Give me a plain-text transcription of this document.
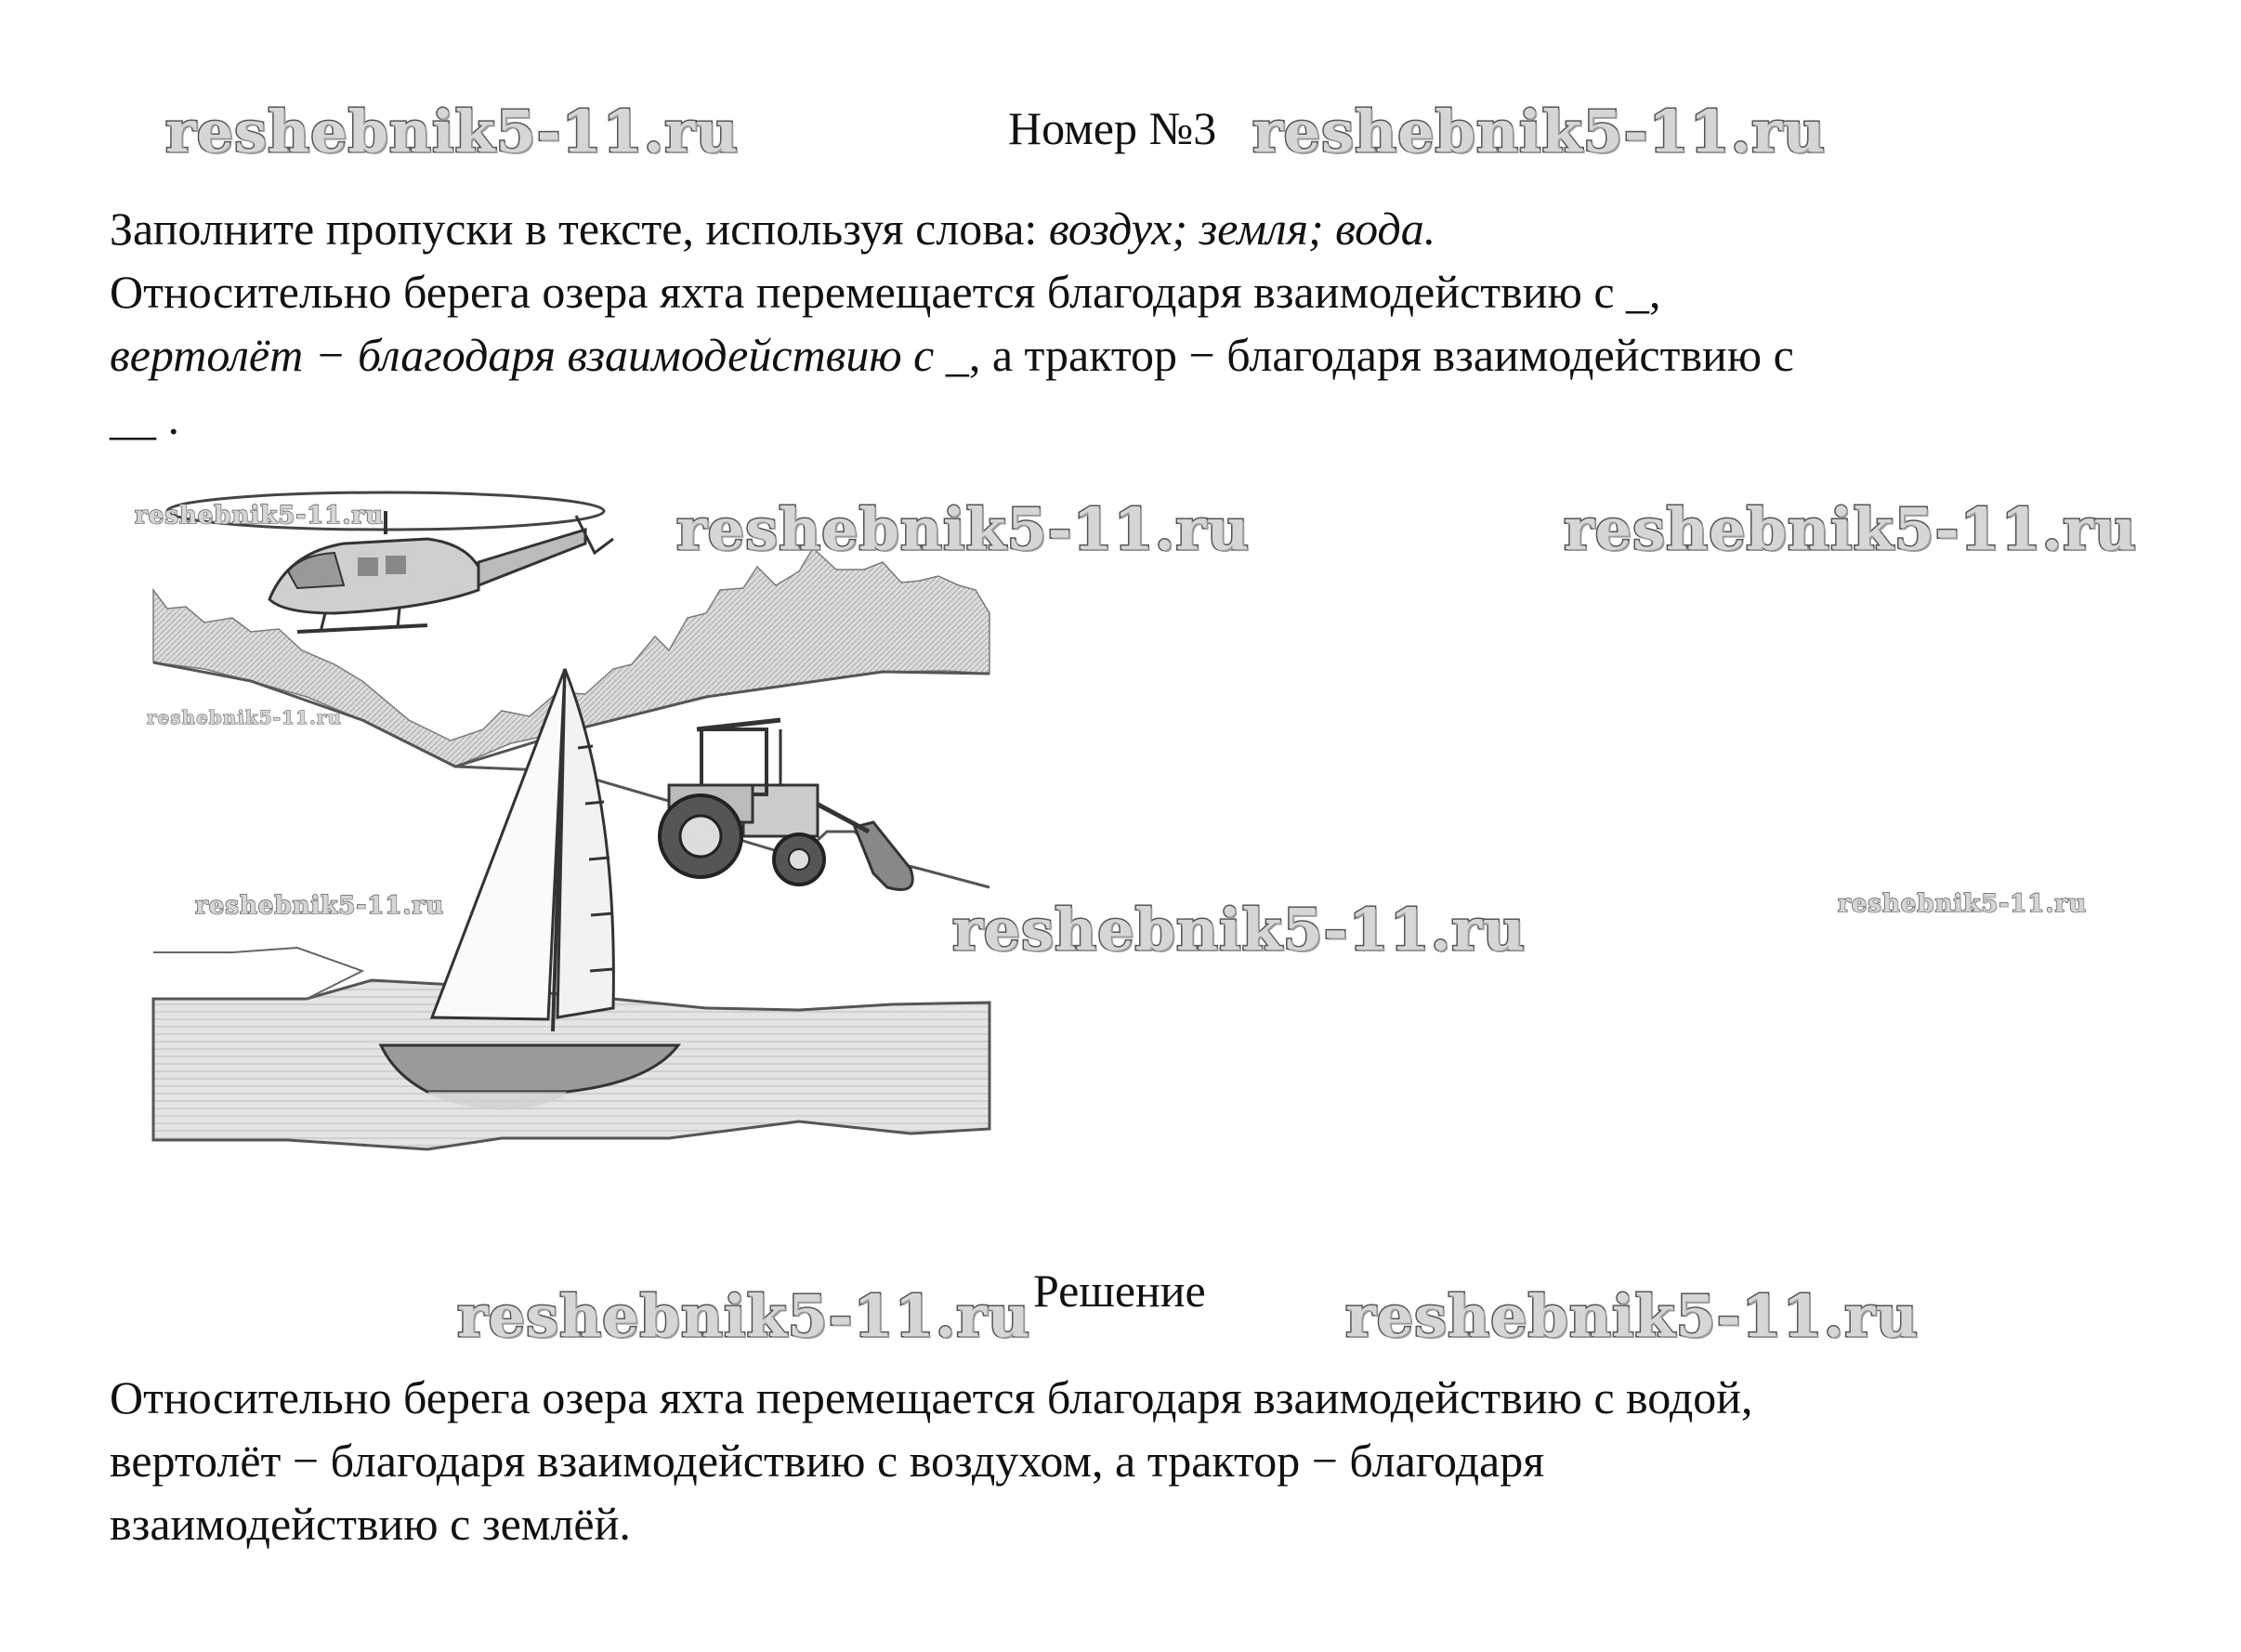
reshebnik5-11.ru	Номер №3 reshebnik5-11.ru
Заполните пропуски в тексте, используя слова: воздух; земля; вода.
Относительно берега озера яхта перемещается благодаря взаимодействию с _,
вертолёт − благодаря взаимодействию с _, а трактор − благодаря взаимодействию с
__ .
reshebnik5-11.ru	reshebnik5-11.ru	reshebnik5-11.ru
reshebnik5-11.ru
reshebnik5-11.ru	reshebnik5-11.ru	reshebnik5-11.ru
reshebnik5-11.ru Решение reshebnik5-11.ru
Относительно берега озера яхта перемещается благодаря взаимодействию с водой,
вертолёт − благодаря взаимодействию с воздухом, а трактор − благодаря
взаимодействию с землёй.
